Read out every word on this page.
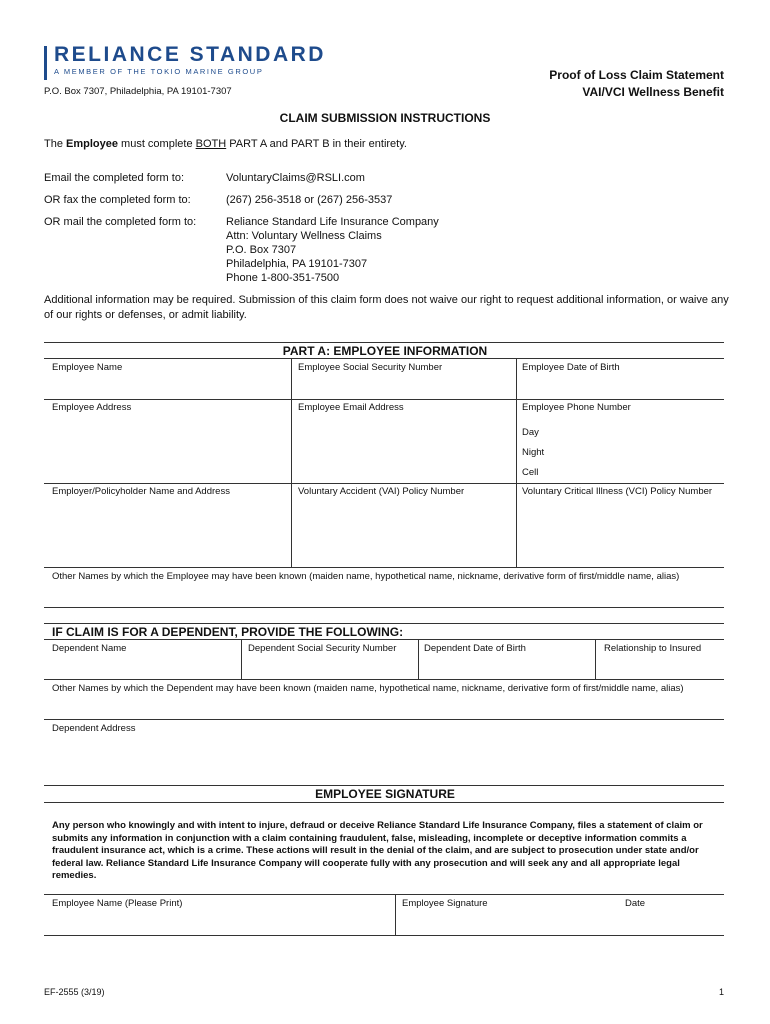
RELIANCE STANDARD
A MEMBER OF THE TOKIO MARINE GROUP	Proof of Loss Claim Statement
VAI/VCI Wellness Benefit
P.O. Box 7307, Philadelphia, PA 19101-7307
CLAIM SUBMISSION INSTRUCTIONS
The Employee must complete BOTH PART A and PART B in their entirety.
Email the completed form to:	VoluntaryClaims@RSLI.com
OR fax the completed form to:	(267) 256-3518 or (267) 256-3537
OR mail the completed form to:	Reliance Standard Life Insurance Company
Attn: Voluntary Wellness Claims
P.O. Box 7307
Philadelphia, PA 19101-7307
Phone 1-800-351-7500
Additional information may be required. Submission of this claim form does not waive our right to request additional information, or waive any of our rights or defenses, or admit liability.
PART A: EMPLOYEE INFORMATION
Employee Name	Employee Social Security Number	Employee Date of Birth
Employee Address	Employee Email Address	Employee Phone Number
Day
Night
Cell
Employer/Policyholder Name and Address	Voluntary Accident (VAI) Policy Number	Voluntary Critical Illness (VCI) Policy Number
Other Names by which the Employee may have been known (maiden name, hypothetical name, nickname, derivative form of first/middle name, alias)
IF CLAIM IS FOR A DEPENDENT, PROVIDE THE FOLLOWING:
Dependent Name	Dependent Social Security Number	Dependent Date of Birth	Relationship to Insured
Other Names by which the Dependent may have been known (maiden name, hypothetical name, nickname, derivative form of first/middle name, alias)
Dependent Address
EMPLOYEE SIGNATURE
Any person who knowingly and with intent to injure, defraud or deceive Reliance Standard Life Insurance Company, files a statement of claim or submits any information in conjunction with a claim containing fraudulent, false, misleading, incomplete or deceptive information commits a fraudulent insurance act, which is a crime. These actions will result in the denial of the claim, and are subject to prosecution under state and/or federal law. Reliance Standard Life Insurance Company will cooperate fully with any prosecution and will seek any and all appropriate legal remedies.
Employee Name (Please Print)	Employee Signature	Date
EF-2555 (3/19)	1
